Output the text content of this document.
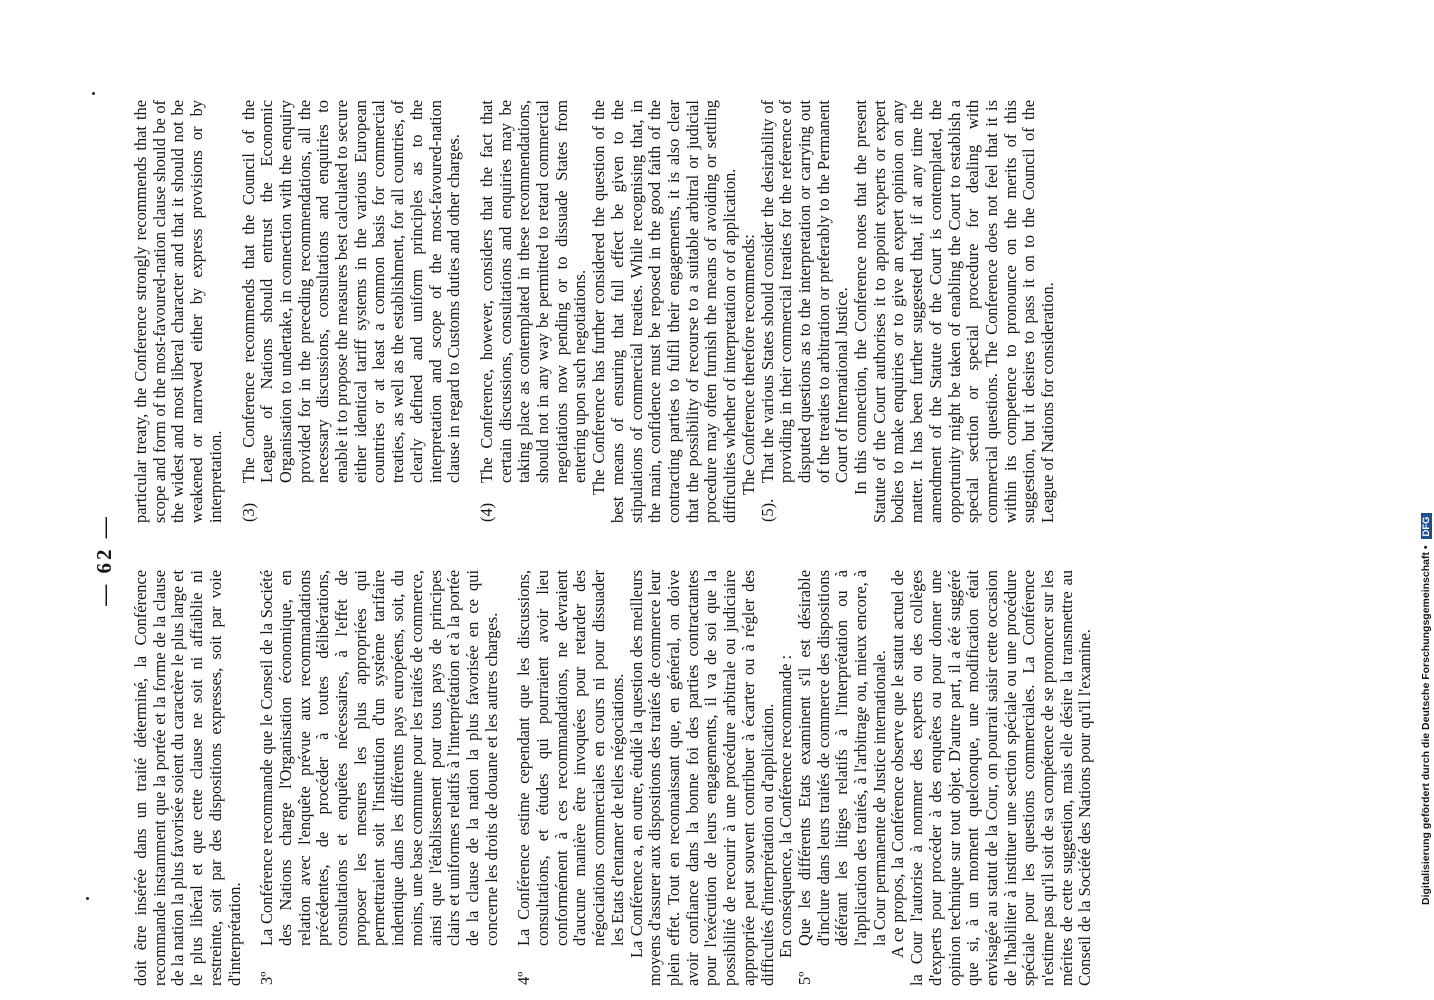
— 62 —

doit être insérée dans un traité déterminé, la Conférence recommande instamment que la portée et la forme de la clause de la nation la plus favorisée soient du caractère le plus large et le plus libéral et que cette clause ne soit ni affaiblie ni restreinte, soit par des dispositions expresses, soit par voie d'interprétation. 3º

La Conférence recommande que le Conseil de la Société des Nations charge l'Organisation économique, en relation avec l'enquête prévue aux recommandations précédentes, de procéder à toutes délibérations, consultations et enquêtes nécessaires, à l'effet de proposer les mesures les plus appropriées qui permettraient soit l'institution d'un système tarifaire indentique dans les différents pays européens, soit, du moins, une base commune pour les traités de commerce, ainsi que l'établissement pour tous pays de principes clairs et uniformes relatifs à l'interprétation et à la portée de la clause de la nation la plus favorisée en ce qui concerne les droits de douane et les autres charges.

4º

La Conférence estime cependant que les discussions, consultations, et études qui pourraient avoir lieu conformément à ces recommandations, ne devraient d'aucune manière être invoquées pour retarder des négociations commerciales en cours ni pour dissuader les Etats d'entamer de telles négociations. La Conférence a, en outre, étudié la question des meilleurs moyens d'assurer aux dispositions des traités de commerce leur plein effet. Tout en reconnaissant que, en général, on doive avoir confiance dans la bonne foi des parties contractantes pour l'exécution de leurs engagements, il va de soi que la possibilité de recourir à une procédure arbitrale ou judiciaire appropriée peut souvent contribuer à écarter ou à régler des difficultés d'interprétation ou d'application. En conséquence, la Conférence recommande :

5º

Que les différents Etats examinent s'il est désirable d'inclure dans leurs traités de commerce des dispositions déférant les litiges relatifs à l'interprétation ou à l'application des traités, à l'arbitrage ou, mieux encore, à la Cour permanente de Justice internationale. A ce propos, la Conférence observe que le statut actuel de la Cour l'autorise à nommer des experts ou des collèges d'experts pour procéder à des enquêtes ou pour donner une opinion technique sur tout objet. D'autre part, il a été suggéré que si, à un moment quelconque, une modification était envisagée au statut de la Cour, on pourrait saisir cette occasion de l'habiliter à instituer une section spéciale ou une procédure spéciale pour les questions commerciales. La Conférence n'estime pas qu'il soit de sa compétence de se prononcer sur les mérites de cette suggestion, mais elle désire la transmettre au Conseil de la Société des Nations pour qu'il l'examine.

particular treaty, the Conference strongly recommends that the scope and form of the most-favoured-nation clause should be of the widest and most liberal character and that it should not be weakened or narrowed either by express provisions or by interpretation. (3)

The Conference recommends that the Council of the League of Nations should entrust the Economic Organisation to undertake, in connection with the enquiry provided for in the preceding recommendations, all the necessary discussions, consultations and enquiries to enable it to propose the measures best calculated to secure either identical tariff systems in the various European countries or at least a common basis for commercial treaties, as well as the establishment, for all countries, of clearly defined and uniform principles as to the interpretation and scope of the most-favoured-nation clause in regard to Customs duties and other charges.

(4)

The Conference, however, considers that the fact that certain discussions, consultations and enquiries may be taking place as contemplated in these recommendations, should not in any way be permitted to retard commercial negotiations now pending or to dissuade States from entering upon such negotiations. The Conference has further considered the question of the best means of ensuring that full effect be given to the stipulations of commercial treaties. While recognising that, in the main, confidence must be reposed in the good faith of the contracting parties to fulfil their engagements, it is also clear that the possibility of recourse to a suitable arbitral or judicial procedure may often furnish the means of avoiding or settling difficulties whether of interpretation or of application. The Conference therefore recommends:

(5).

That the various States should consider the desirability of providing in their commercial treaties for the reference of disputed questions as to the interpretation or carrying out of the treaties to arbitration or preferably to the Permanent Court of International Justice. In this connection, the Conference notes that the present Statute of the Court authorises it to appoint experts or expert bodies to make enquiries or to give an expert opinion on any matter. It has been further suggested that, if at any time the amendment of the Statute of the Court is contemplated, the opportunity might be taken of enabling the Court to establish a special section or special procedure for dealing with commercial questions. The Conference does not feel that it is within its competence to pronounce on the merits of this suggestion, but it desires to pass it on to the Council of the League of Nations for consideration.

Digitalisierung gefördert durch die Deutsche Forschungsgemeinschaft • DFG
